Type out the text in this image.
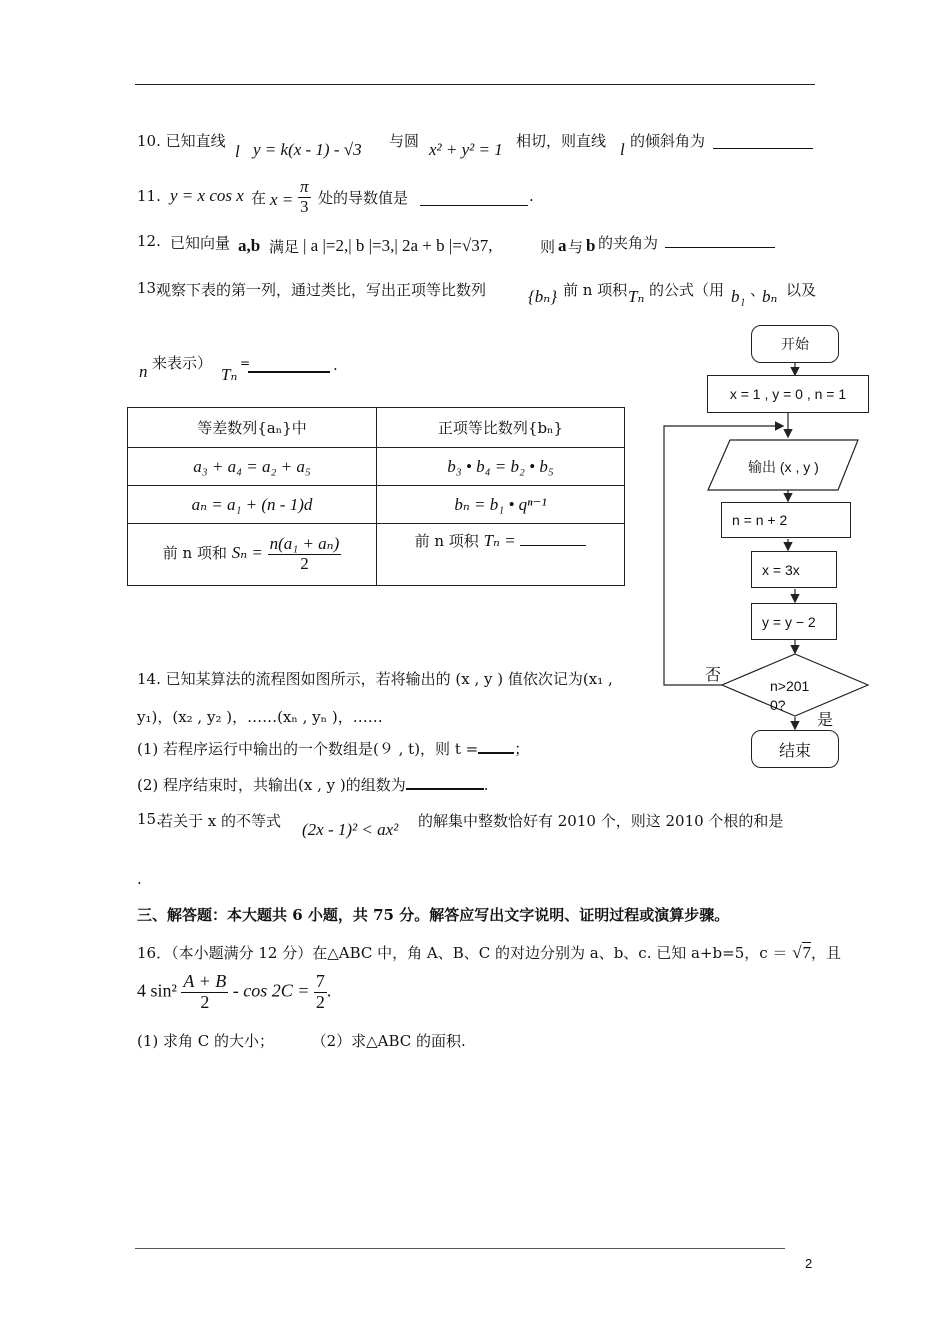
2
10. 已知直线
l y = k(x - 1) - √3 与圆 x² + y² = 1 相切，则直线 l 的倾斜角为
11. y = x cos x 在 $x = \frac{\pi}{3}$ 处的导数值是	.
12. 已知向量 a,b 满足 | a |=2,| b |=3,| 2a + b |=√37,	则 a 与 b 的夹角为
13.
观察下表的第一列，通过类比，写出正项等比数列 {bₙ} 前 n 项积 Tₙ 的公式（用 b₁ 、
bₙ 以及
n 来表示）
Tₙ
=	.
等差数列{aₙ}中	正项等比数列{bₙ}
a₃ + a₄ = a₂ + a₅	b₃ • b₄ = b₂ • b₅
aₙ = a₁ + (n - 1)d	bₙ = b₁ • qⁿ⁻¹
前 n 项和 $S_n = \frac{\text{n(a₁ + aₙ)}}{2}$	前 n 项积 Tₙ =
14. 已知某算法的流程图如图所示，若将输出的 (x , y ) 值依次记为(x₁ ,
y₁)，(x₂ , y₂ )，……(xₙ , yₙ )，……
(1) 若程序运行中输出的一个数组是(９ , t)，则 t = ；
(2) 程序结束时，共输出(x , y )的组数为	.
开始
x = 1 , y = 0 , n = 1
输出 (x , y )
n = n + 2
x = 3x
y = y − 2
n>201
0?
否
是
结束
15.
若关于 x 的不等式 (2x - 1)² < ax² 的解集中整数恰好有 2010 个，则这 2010 个根的和是
.
三、解答题：本大题共 6 小题，共 75 分。解答应写出文字说明、证明过程或演算步骤。
16．（本小题满分 12 分）在△ABC 中，角 A、B、C 的对边分别为 a、b、c. 已知 a+b=5，c ＝ √7，且
4 $\sin^2 \frac{A + B}{2} - \cos 2C = \frac{7}{2}$ .
(1) 求角 C 的大小；	（2）求△ABC 的面积.
